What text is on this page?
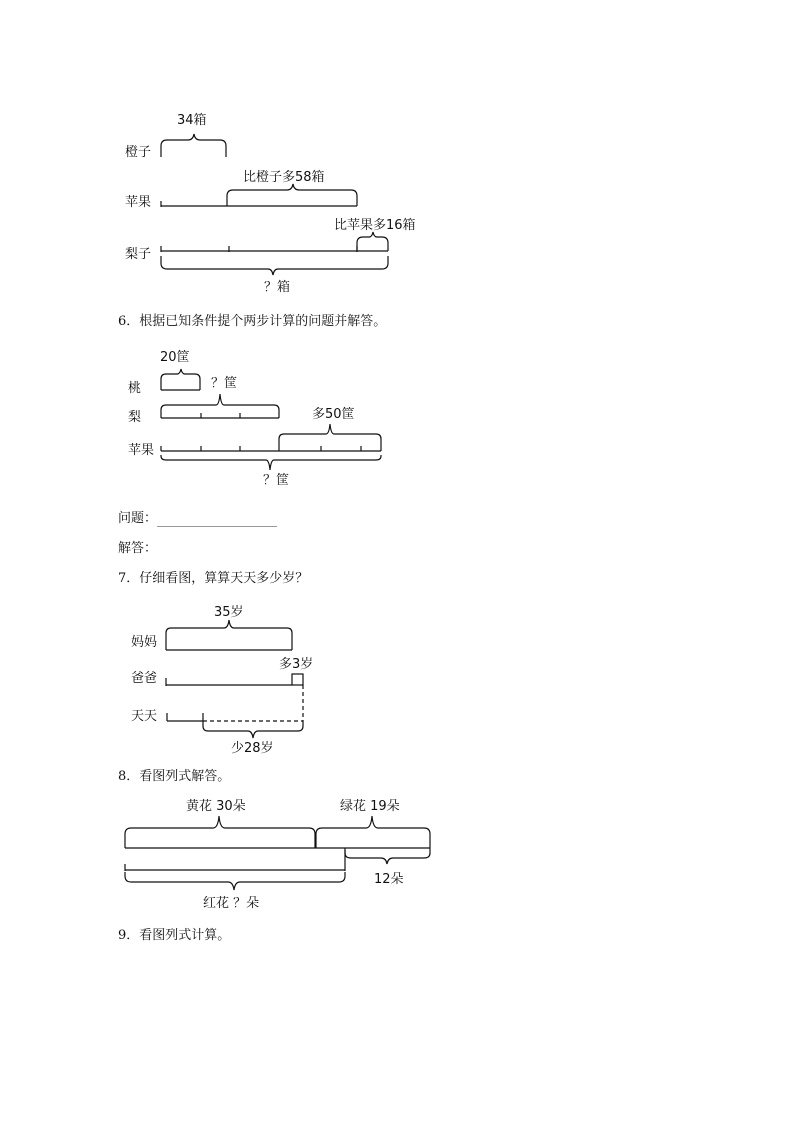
34箱
橙子
比橙子多58箱
苹果
比苹果多16箱
梨子
？箱
6．根据已知条件提个两步计算的问题并解答。
20筐
桃	？筐
梨	多50筐
苹果
？筐
问题：
解答：
7．仔细看图，算算天天多少岁？
35岁
妈妈
多3岁
爸爸
天天
少28岁
8．看图列式解答。
黄花 30朵	绿花 19朵
12朵
红花 ？朵
9．看图列式计算。
